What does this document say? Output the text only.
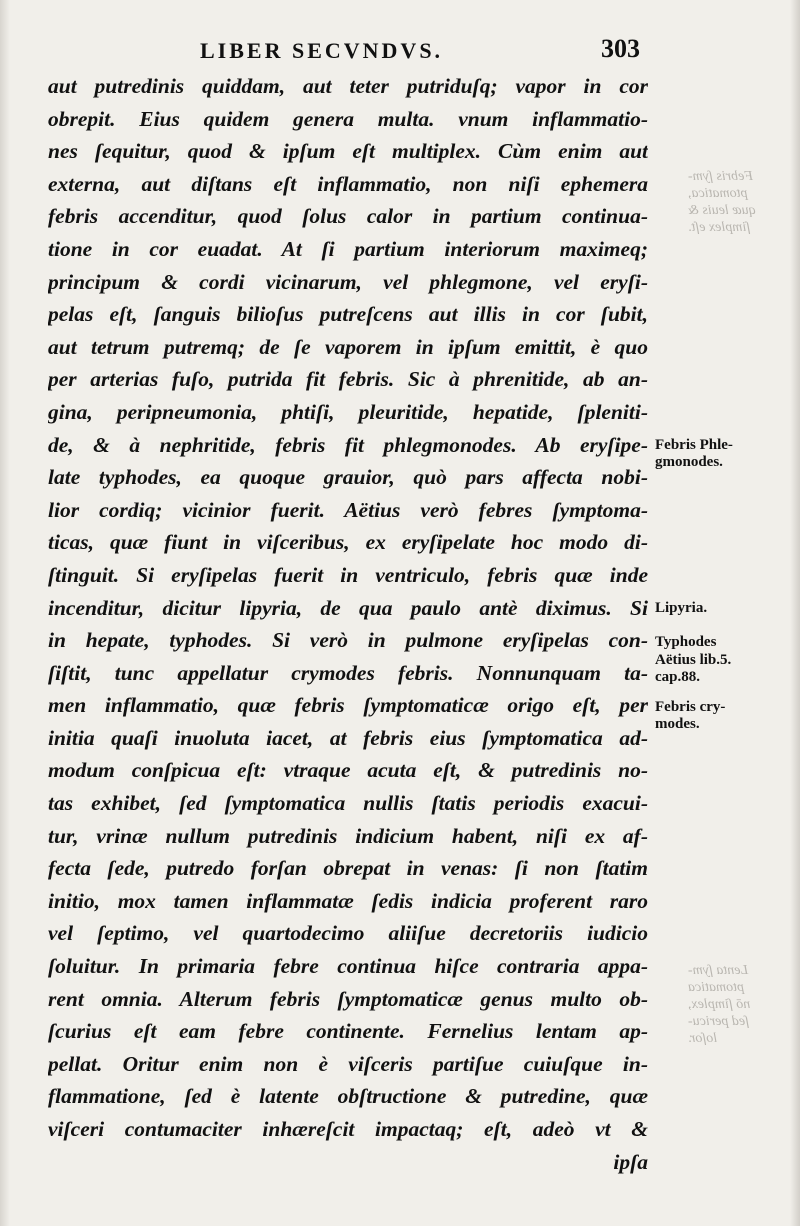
LIBER SECVNDVS.	303
aut putredinis quiddam, aut teter putriduſq; vapor in cor
obrepit. Eius quidem genera multa. vnum inflammatio-
nes ſequitur, quod & ipſum eſt multiplex. Cùm enim aut
externa, aut diſtans eſt inflammatio, non niſi ephemera
febris accenditur, quod ſolus calor in partium continua-
tione in cor euadat. At ſi partium interiorum maximeq;
principum & cordi vicinarum, vel phlegmone, vel eryſi-
pelas eſt, ſanguis bilioſus putreſcens aut illis in cor ſubit,
aut tetrum putremq; de ſe vaporem in ipſum emittit, è quo
per arterias fuſo, putrida fit febris. Sic à phrenitide, ab an-
gina, peripneumonia, phtiſi, pleuritide, hepatide, ſpleniti-
de, & à nephritide, febris fit phlegmonodes. Ab eryſipe-
late typhodes, ea quoque grauior, quò pars affecta nobi-
lior cordiq; vicinior fuerit. Aëtius verò febres ſymptoma-
ticas, quæ fiunt in viſceribus, ex eryſipelate hoc modo di-
ſtinguit. Si eryſipelas fuerit in ventriculo, febris quæ inde
incenditur, dicitur lipyria, de qua paulo antè diximus. Si
in hepate, typhodes. Si verò in pulmone eryſipelas con-
ſiſtit, tunc appellatur crymodes febris. Nonnunquam ta-
men inflammatio, quæ febris ſymptomaticæ origo eſt, per
initia quaſi inuoluta iacet, at febris eius ſymptomatica ad-
modum conſpicua eſt: vtraque acuta eſt, & putredinis no-
tas exhibet, ſed ſymptomatica nullis ſtatis periodis exacui-
tur, vrinæ nullum putredinis indicium habent, niſi ex af-
fecta ſede, putredo forſan obrepat in venas: ſi non ſtatim
initio, mox tamen inflammatæ ſedis indicia proferent raro
vel ſeptimo, vel quartodecimo aliiſue decretoriis iudicio
ſoluitur. In primaria febre continua hiſce contraria appa-
rent omnia. Alterum febris ſymptomaticæ genus multo ob-
ſcurius eſt eam febre continente. Fernelius lentam ap-
pellat. Oritur enim non è viſceris partiſue cuiuſque in-
flammatione, ſed è latente obſtructione & putredine, quæ
viſceri contumaciter inhæreſcit impactaq; eſt, adeò vt &
ipſa
Febris Phle-
gmonodes.
Lipyria.
Typhodes
Aëtius lib.5.
cap.88.
Febris cry-
modes.
Febris ſym-
ptomatica,
quæ leuis &
ſimplex eſt.
Lenta ſym-
ptomatica
nō ſimplex,
ſed pericu-
loſor.
